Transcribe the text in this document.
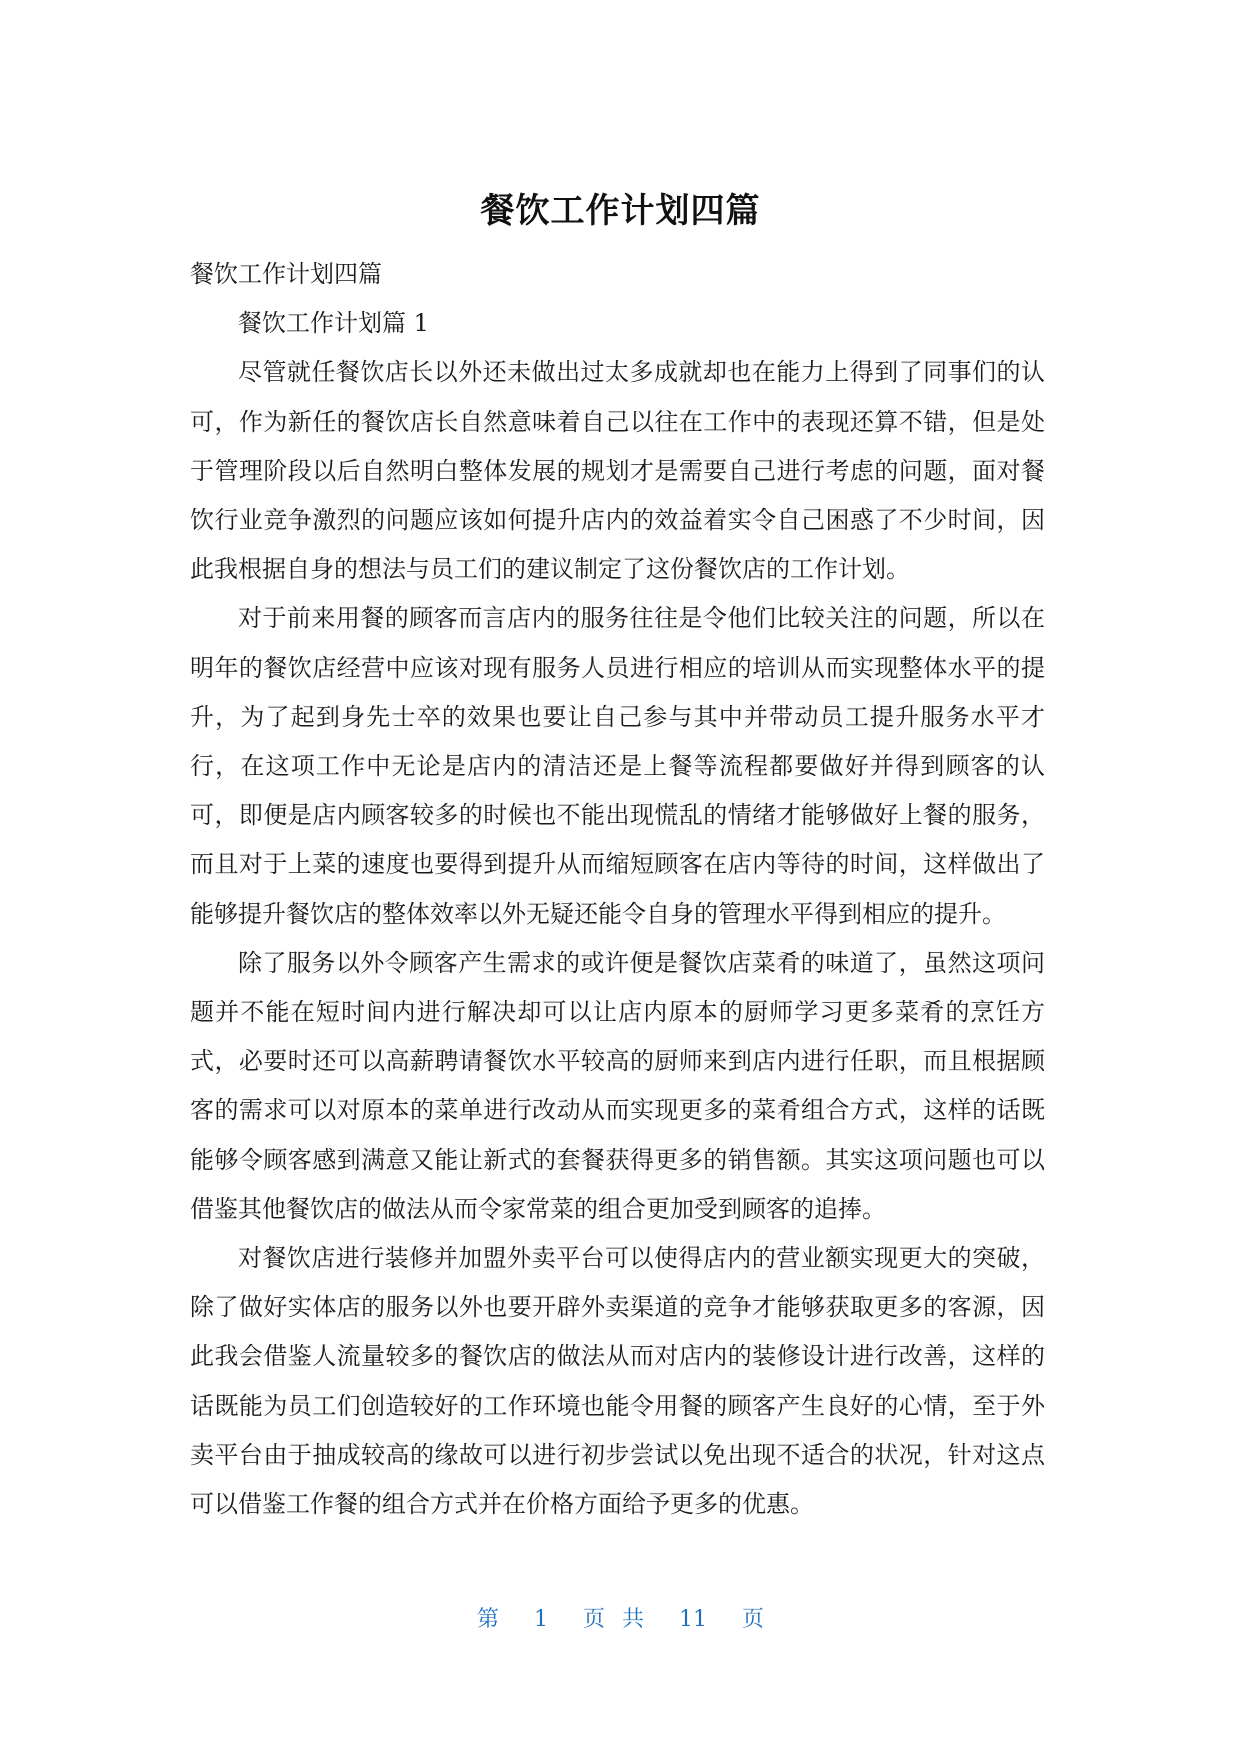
餐饮工作计划四篇

餐饮工作计划四篇

餐饮工作计划篇 1

尽管就任餐饮店长以外还未做出过太多成就却也在能力上得到了同事们的认可，作为新任的餐饮店长自然意味着自己以往在工作中的表现还算不错，但是处于管理阶段以后自然明白整体发展的规划才是需要自己进行考虑的问题，面对餐饮行业竞争激烈的问题应该如何提升店内的效益着实令自己困惑了不少时间，因此我根据自身的想法与员工们的建议制定了这份餐饮店的工作计划。

对于前来用餐的顾客而言店内的服务往往是令他们比较关注的问题，所以在明年的餐饮店经营中应该对现有服务人员进行相应的培训从而实现整体水平的提升，为了起到身先士卒的效果也要让自己参与其中并带动员工提升服务水平才行，在这项工作中无论是店内的清洁还是上餐等流程都要做好并得到顾客的认可，即便是店内顾客较多的时候也不能出现慌乱的情绪才能够做好上餐的服务，而且对于上菜的速度也要得到提升从而缩短顾客在店内等待的时间，这样做出了能够提升餐饮店的整体效率以外无疑还能令自身的管理水平得到相应的提升。

除了服务以外令顾客产生需求的或许便是餐饮店菜肴的味道了，虽然这项问题并不能在短时间内进行解决却可以让店内原本的厨师学习更多菜肴的烹饪方式，必要时还可以高薪聘请餐饮水平较高的厨师来到店内进行任职，而且根据顾客的需求可以对原本的菜单进行改动从而实现更多的菜肴组合方式，这样的话既能够令顾客感到满意又能让新式的套餐获得更多的销售额。其实这项问题也可以借鉴其他餐饮店的做法从而令家常菜的组合更加受到顾客的追捧。

对餐饮店进行装修并加盟外卖平台可以使得店内的营业额实现更大的突破，除了做好实体店的服务以外也要开辟外卖渠道的竞争才能够获取更多的客源，因此我会借鉴人流量较多的餐饮店的做法从而对店内的装修设计进行改善，这样的话既能为员工们创造较好的工作环境也能令用餐的顾客产生良好的心情，至于外卖平台由于抽成较高的缘故可以进行初步尝试以免出现不适合的状况，针对这点可以借鉴工作餐的组合方式并在价格方面给予更多的优惠。

第 1 页 共 11 页
